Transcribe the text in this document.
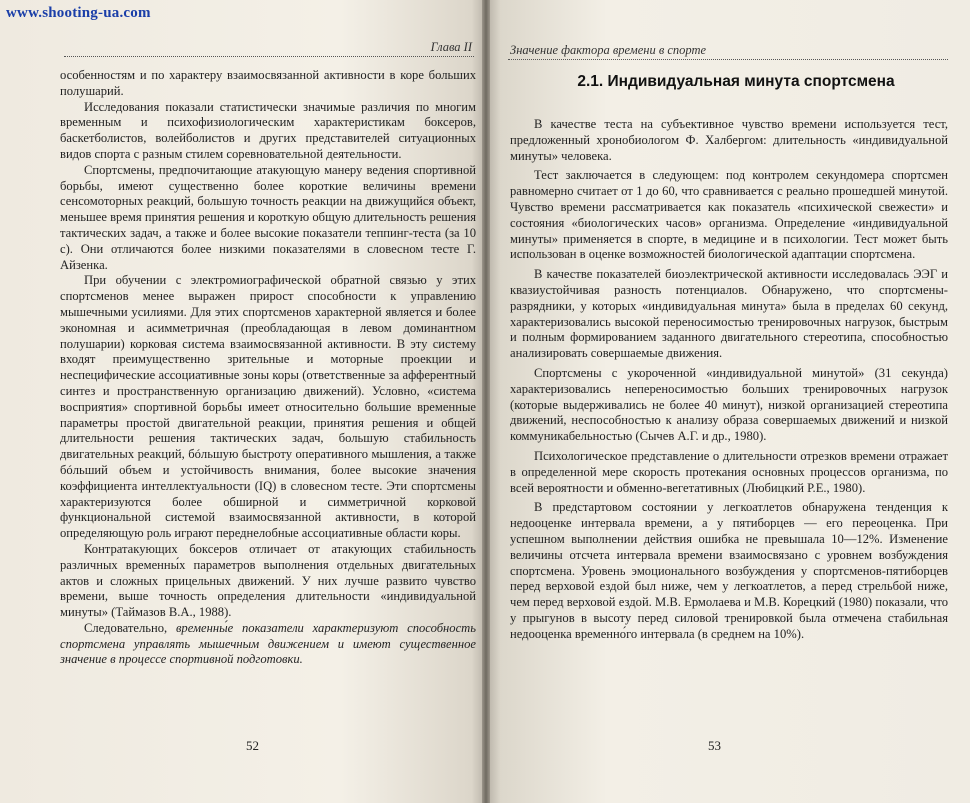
Глава II

особенностям и по характеру взаимосвязанной активности в коре больших полушарий.

Исследования показали статистически значимые различия по многим временным и психофизиологическим характеристикам боксеров, баскетболистов, волейболистов и других представителей ситуационных видов спорта с разным стилем соревновательной деятельности.

Спортсмены, предпочитающие атакующую манеру ведения спортивной борьбы, имеют существенно более короткие величины времени сенсомоторных реакций, большую точность реакции на движущийся объект, меньшее время принятия решения и короткую общую длительность решения тактических задач, а также и более высокие показатели теппинг-теста (за 10 с). Они отличаются более низкими показателями в словесном тесте Г. Айзенка.

При обучении с электромиографической обратной связью у этих спортсменов менее выражен прирост способности к управлению мышечными усилиями. Для этих спортсменов характерной является и более экономная и асимметричная (преобладающая в левом доминантном полушарии) корковая система взаимосвязанной активности. В эту систему входят преимущественно зрительные и моторные проекции и неспецифические ассоциативные зоны коры (ответственные за афферентный синтез и пространственную организацию движений). Условно, «система восприятия» спортивной борьбы имеет относительно большие временные параметры простой двигательной реакции, принятия решения и общей длительности решения тактических задач, большую стабильность двигательных реакций, бóльшую быстроту оперативного мышления, а также бóльший объем и устойчивость внимания, более высокие значения коэффициента интеллектуальности (IQ) в словесном тесте. Эти спортсмены характеризуются более обширной и симметричной корковой функциональной системой взаимосвязанной активности, в которой определяющую роль играют переднелобные ассоциативные области коры.

Контратакующих боксеров отличает от атакующих стабильность различных временны́х параметров выполнения отдельных двигательных актов и сложных прицельных движений. У них лучше развито чувство времени, выше точность определения длительности «индивидуальной минуты» (Таймазов В.А., 1988).

Следовательно, временны́е показатели характеризуют способность спортсмена управлять мышечным движением и имеют существенное значение в процессе спортивной подготовки.

52
Значение фактора времени в спорте
2.1. Индивидуальная минута спортсмена

В качестве теста на субъективное чувство времени используется тест, предложенный хронобиологом Ф. Халбергом: длительность «индивидуальной минуты» человека.

Тест заключается в следующем: под контролем секундомера спортсмен равномерно считает от 1 до 60, что сравнивается с реально прошедшей минутой. Чувство времени рассматривается как показатель «психической свежести» и состояния «биологических часов» организма. Определение «индивидуальной минуты» применяется в спорте, в медицине и в психологии. Тест может быть использован в оценке возможностей биологической адаптации спортсмена.

В качестве показателей биоэлектрической активности исследовалась ЭЭГ и квазиустойчивая разность потенциалов. Обнаружено, что спортсмены-разрядники, у которых «индивидуальная минута» была в пределах 60 секунд, характеризовались высокой переносимостью тренировочных нагрузок, быстрым и полным формированием заданного двигательного стереотипа, способностью анализировать совершаемые движения.

Спортсмены с укороченной «индивидуальной минутой» (31 секунда) характеризовались непереносимостью больших тренировочных нагрузок (которые выдерживались не более 40 минут), низкой организацией стереотипа движений, неспособностью к анализу образа совершаемых движений и низкой коммуникабельностью (Сычев А.Г. и др., 1980).

Психологическое представление о длительности отрезков времени отражает в определенной мере скорость протекания основных процессов организма, по всей вероятности и обменно-вегетативных (Любицкий Р.Е., 1980).

В предстартовом состоянии у легкоатлетов обнаружена тенденция к недооценке интервала времени, а у пятиборцев — его переоценка. При успешном выполнении действия ошибка не превышала 10—12%. Изменение величины отсчета интервала времени взаимосвязано с уровнем возбуждения спортсмена. Уровень эмоционального возбуждения у спортсменов-пятиборцев перед верховой ездой был ниже, чем у легкоатлетов, а перед стрельбой ниже, чем перед верховой ездой. М.В. Ермолаева и М.В. Корецкий (1980) показали, что у прыгунов в высоту перед силовой тренировкой была отмечена стабильная недооценка временно́го интервала (в среднем на 10%).

53
www.shooting-ua.com
